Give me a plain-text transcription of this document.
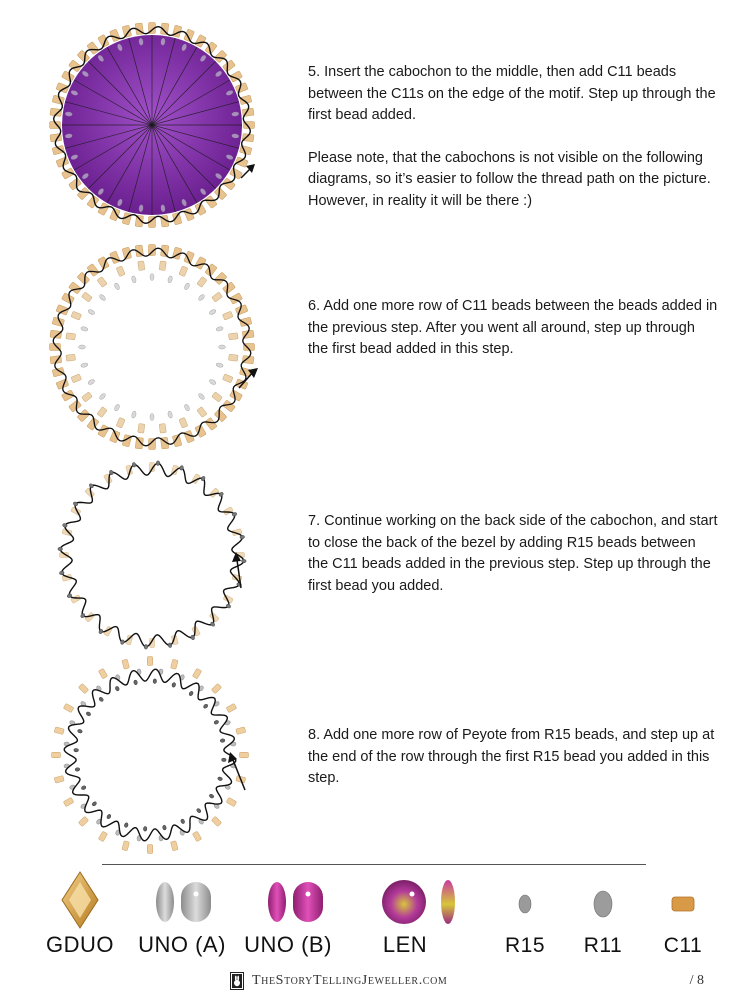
5. Insert the cabochon to the middle, then add C11 beads between the C11s on the edge of the motif. Step up through the first bead added.

Please note, that the cabochons is not visible on the following diagrams, so it’s easier to follow the thread path on the picture. However, in reality it will be there :)

6. Add one more row of C11 beads between the beads added in the previous step. After you went all around, step up through the first bead added in this step.

7. Continue working on the back side of the cabochon, and start to close the back of the bezel by adding R15 beads between the C11 beads added in the previous step. Step up through the first bead you added.

8. Add one more row of Peyote from R15 beads, and step up at the end of the row through the first R15 bead you added in this step.

GDUO	UNO (A) UNO (B)	LEN	R15	R11	C11
TheStoryTellingJeweller.com	/ 8
